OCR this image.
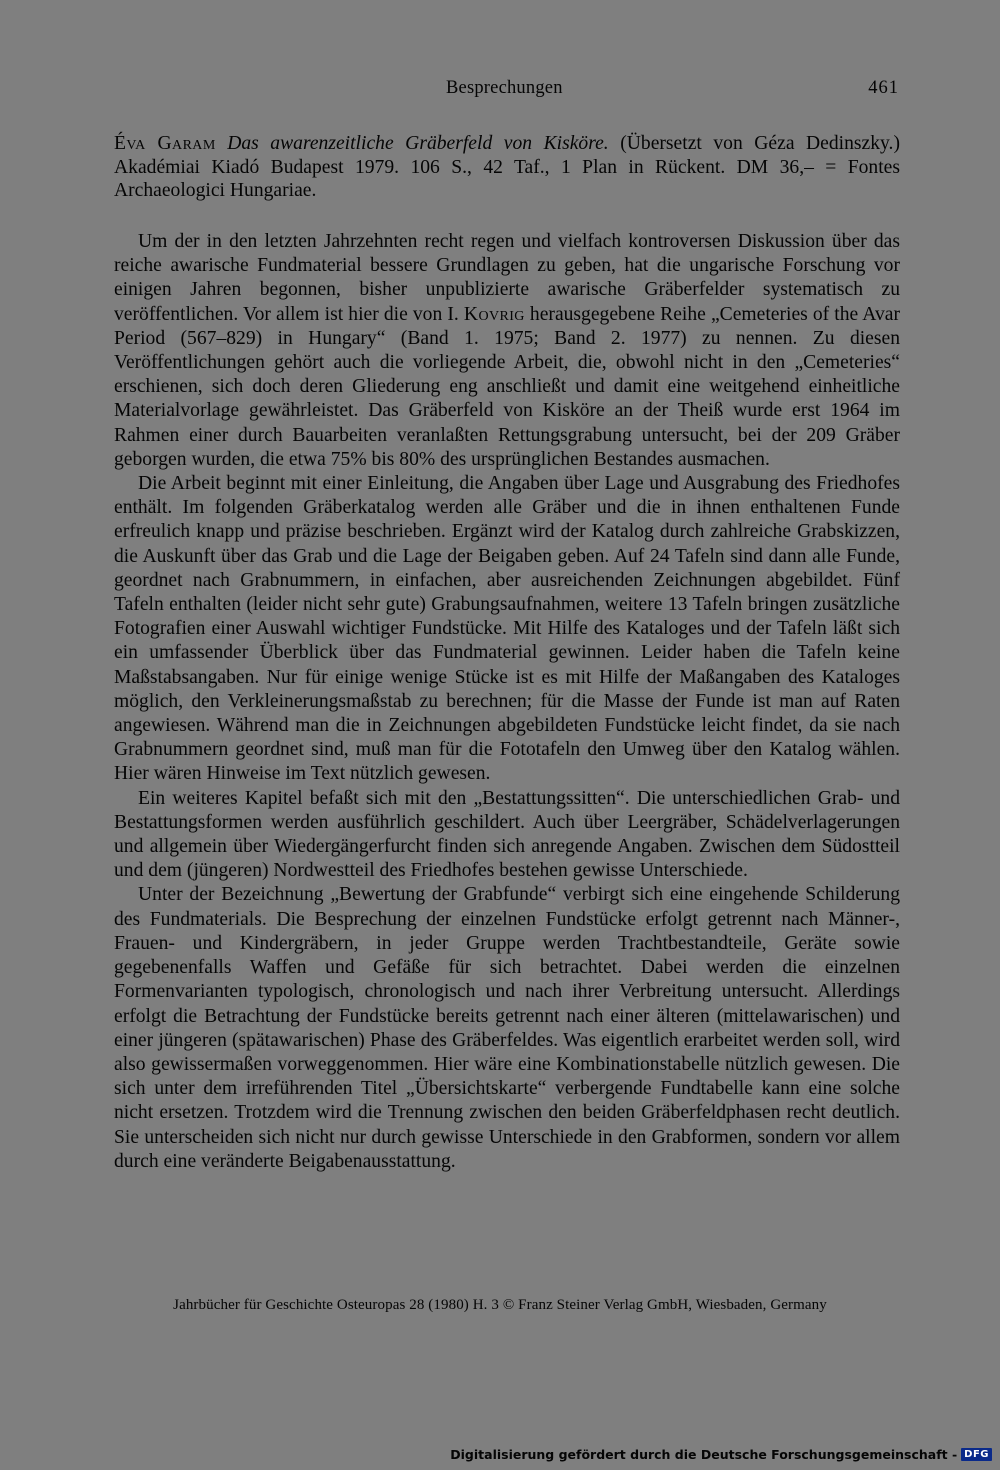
Besprechungen	461
Éva Garam Das awarenzeitliche Gräberfeld von Kisköre. (Übersetzt von Géza Dedinszky.) Akadémiai Kiadó Budapest 1979. 106 S., 42 Taf., 1 Plan in Rückent. DM 36,– = Fontes Archaeologici Hungariae.

Um der in den letzten Jahrzehnten recht regen und vielfach kontroversen Diskussion über das reiche awarische Fundmaterial bessere Grundlagen zu geben, hat die ungarische Forschung vor einigen Jahren begonnen, bisher unpublizierte awarische Gräberfelder systematisch zu veröffentlichen. Vor allem ist hier die von I. Kovrig herausgegebene Reihe „Cemeteries of the Avar Period (567–829) in Hungary“ (Band 1. 1975; Band 2. 1977) zu nennen. Zu diesen Veröffentlichungen gehört auch die vorliegende Arbeit, die, obwohl nicht in den „Cemeteries“ erschienen, sich doch deren Gliederung eng anschließt und damit eine weitgehend einheitliche Materialvorlage gewährleistet. Das Gräberfeld von Kisköre an der Theiß wurde erst 1964 im Rahmen einer durch Bauarbeiten veranlaßten Rettungsgrabung untersucht, bei der 209 Gräber geborgen wurden, die etwa 75% bis 80% des ursprünglichen Bestandes ausmachen.

Die Arbeit beginnt mit einer Einleitung, die Angaben über Lage und Ausgrabung des Friedhofes enthält. Im folgenden Gräberkatalog werden alle Gräber und die in ihnen enthaltenen Funde erfreulich knapp und präzise beschrieben. Ergänzt wird der Katalog durch zahlreiche Grabskizzen, die Auskunft über das Grab und die Lage der Beigaben geben. Auf 24 Tafeln sind dann alle Funde, geordnet nach Grabnummern, in einfachen, aber ausreichenden Zeichnungen abgebildet. Fünf Tafeln enthalten (leider nicht sehr gute) Grabungsaufnahmen, weitere 13 Tafeln bringen zusätzliche Fotografien einer Auswahl wichtiger Fundstücke. Mit Hilfe des Kataloges und der Tafeln läßt sich ein umfassender Überblick über das Fundmaterial gewinnen. Leider haben die Tafeln keine Maßstabsangaben. Nur für einige wenige Stücke ist es mit Hilfe der Maßangaben des Kataloges möglich, den Verkleinerungsmaßstab zu berechnen; für die Masse der Funde ist man auf Raten angewiesen. Während man die in Zeichnungen abgebildeten Fundstücke leicht findet, da sie nach Grabnummern geordnet sind, muß man für die Fototafeln den Umweg über den Katalog wählen. Hier wären Hinweise im Text nützlich gewesen.

Ein weiteres Kapitel befaßt sich mit den „Bestattungssitten“. Die unterschiedlichen Grab- und Bestattungsformen werden ausführlich geschildert. Auch über Leergräber, Schädelverlagerungen und allgemein über Wiedergängerfurcht finden sich anregende Angaben. Zwischen dem Südostteil und dem (jüngeren) Nordwestteil des Friedhofes bestehen gewisse Unterschiede.

Unter der Bezeichnung „Bewertung der Grabfunde“ verbirgt sich eine eingehende Schilderung des Fundmaterials. Die Besprechung der einzelnen Fundstücke erfolgt getrennt nach Männer-, Frauen- und Kindergräbern, in jeder Gruppe werden Trachtbestandteile, Geräte sowie gegebenenfalls Waffen und Gefäße für sich betrachtet. Dabei werden die einzelnen Formenvarianten typologisch, chronologisch und nach ihrer Verbreitung untersucht. Allerdings erfolgt die Betrachtung der Fundstücke bereits getrennt nach einer älteren (mittelawarischen) und einer jüngeren (spätawarischen) Phase des Gräberfeldes. Was eigentlich erarbeitet werden soll, wird also gewissermaßen vorweggenommen. Hier wäre eine Kombinationstabelle nützlich gewesen. Die sich unter dem irreführenden Titel „Übersichtskarte“ verbergende Fundtabelle kann eine solche nicht ersetzen. Trotzdem wird die Trennung zwischen den beiden Gräberfeldphasen recht deutlich. Sie unterscheiden sich nicht nur durch gewisse Unterschiede in den Grabformen, sondern vor allem durch eine veränderte Beigabenausstattung.

Jahrbücher für Geschichte Osteuropas 28 (1980) H. 3 © Franz Steiner Verlag GmbH, Wiesbaden, Germany
Digitalisierung gefördert durch die Deutsche Forschungsgemeinschaft - DFG
